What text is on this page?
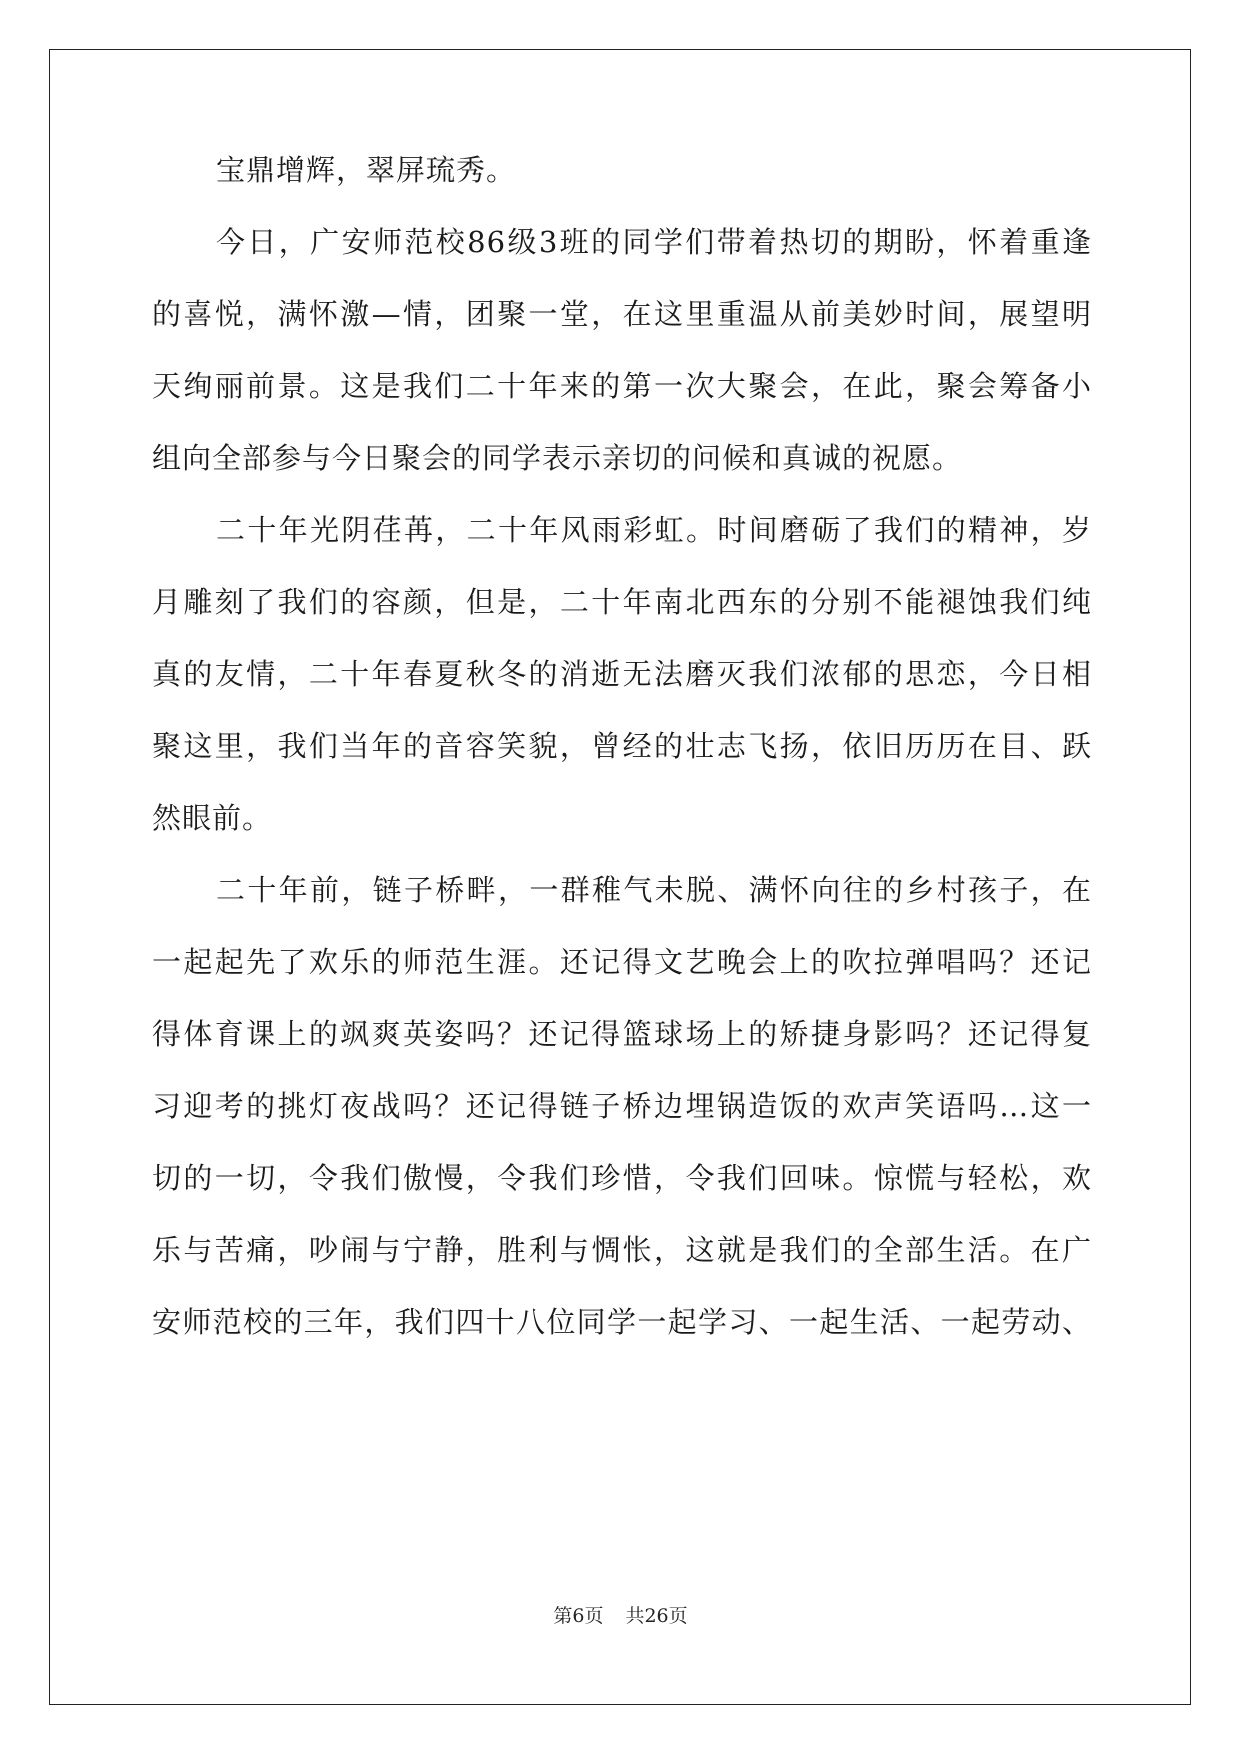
宝鼎增辉，翠屏琉秀。
今日，广安师范校86级3班的同学们带着热切的期盼，怀着重逢
的喜悦，满怀激—情，团聚一堂，在这里重温从前美妙时间，展望明
天绚丽前景。这是我们二十年来的第一次大聚会，在此，聚会筹备小
组向全部参与今日聚会的同学表示亲切的问候和真诚的祝愿。
二十年光阴荏苒，二十年风雨彩虹。时间磨砺了我们的精神，岁
月雕刻了我们的容颜，但是，二十年南北西东的分别不能褪蚀我们纯
真的友情，二十年春夏秋冬的消逝无法磨灭我们浓郁的思恋，今日相
聚这里，我们当年的音容笑貌，曾经的壮志飞扬，依旧历历在目、跃
然眼前。
二十年前，链子桥畔，一群稚气未脱、满怀向往的乡村孩子，在
一起起先了欢乐的师范生涯。还记得文艺晚会上的吹拉弹唱吗？还记
得体育课上的飒爽英姿吗？还记得篮球场上的矫捷身影吗？还记得复
习迎考的挑灯夜战吗？还记得链子桥边埋锅造饭的欢声笑语吗…这一
切的一切，令我们傲慢，令我们珍惜，令我们回味。惊慌与轻松，欢
乐与苦痛，吵闹与宁静，胜利与惆怅，这就是我们的全部生活。在广
安师范校的三年，我们四十八位同学一起学习、一起生活、一起劳动、
第6页 共26页
